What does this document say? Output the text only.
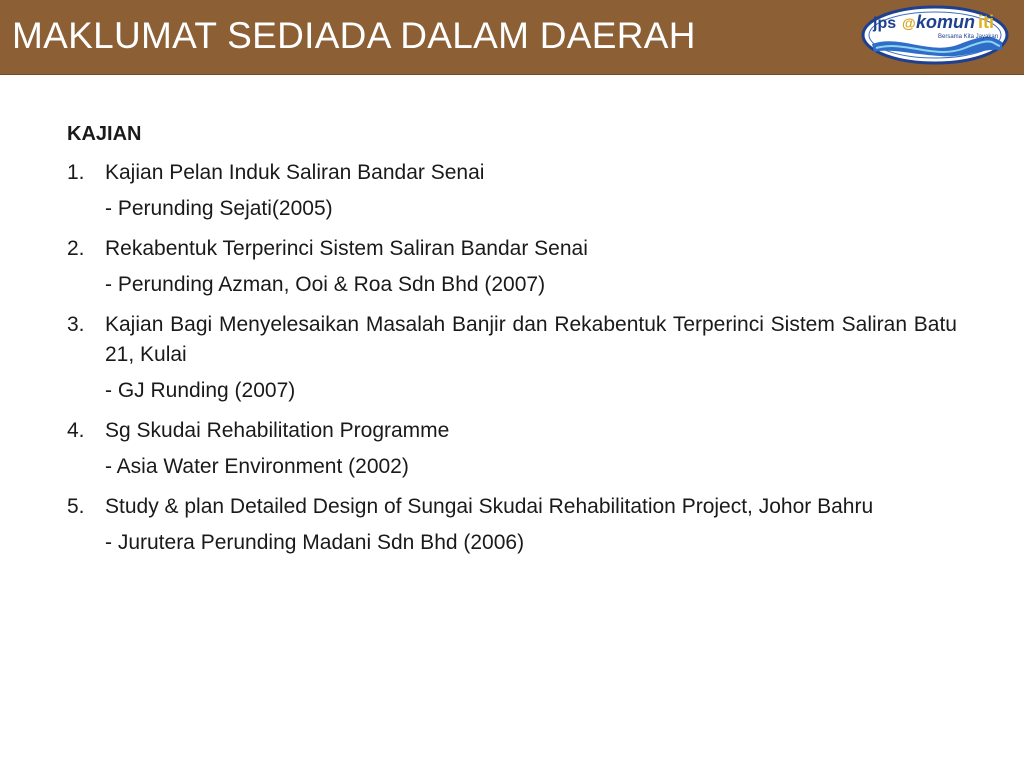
MAKLUMAT SEDIADA DALAM DAERAH	jps @ komun iti
Bersama Kita Jayakan
KAJIAN
1. Kajian Pelan Induk Saliran Bandar Senai
- Perunding Sejati(2005)
2. Rekabentuk Terperinci Sistem Saliran Bandar Senai
- Perunding Azman, Ooi & Roa Sdn Bhd (2007)
3. Kajian Bagi Menyelesaikan Masalah Banjir dan Rekabentuk Terperinci Sistem Saliran Batu 21, Kulai
- GJ Runding (2007)
4. Sg Skudai Rehabilitation Programme
- Asia Water Environment (2002)
5. Study & plan Detailed Design of Sungai Skudai Rehabilitation Project, Johor Bahru
- Jurutera Perunding Madani Sdn Bhd (2006)
